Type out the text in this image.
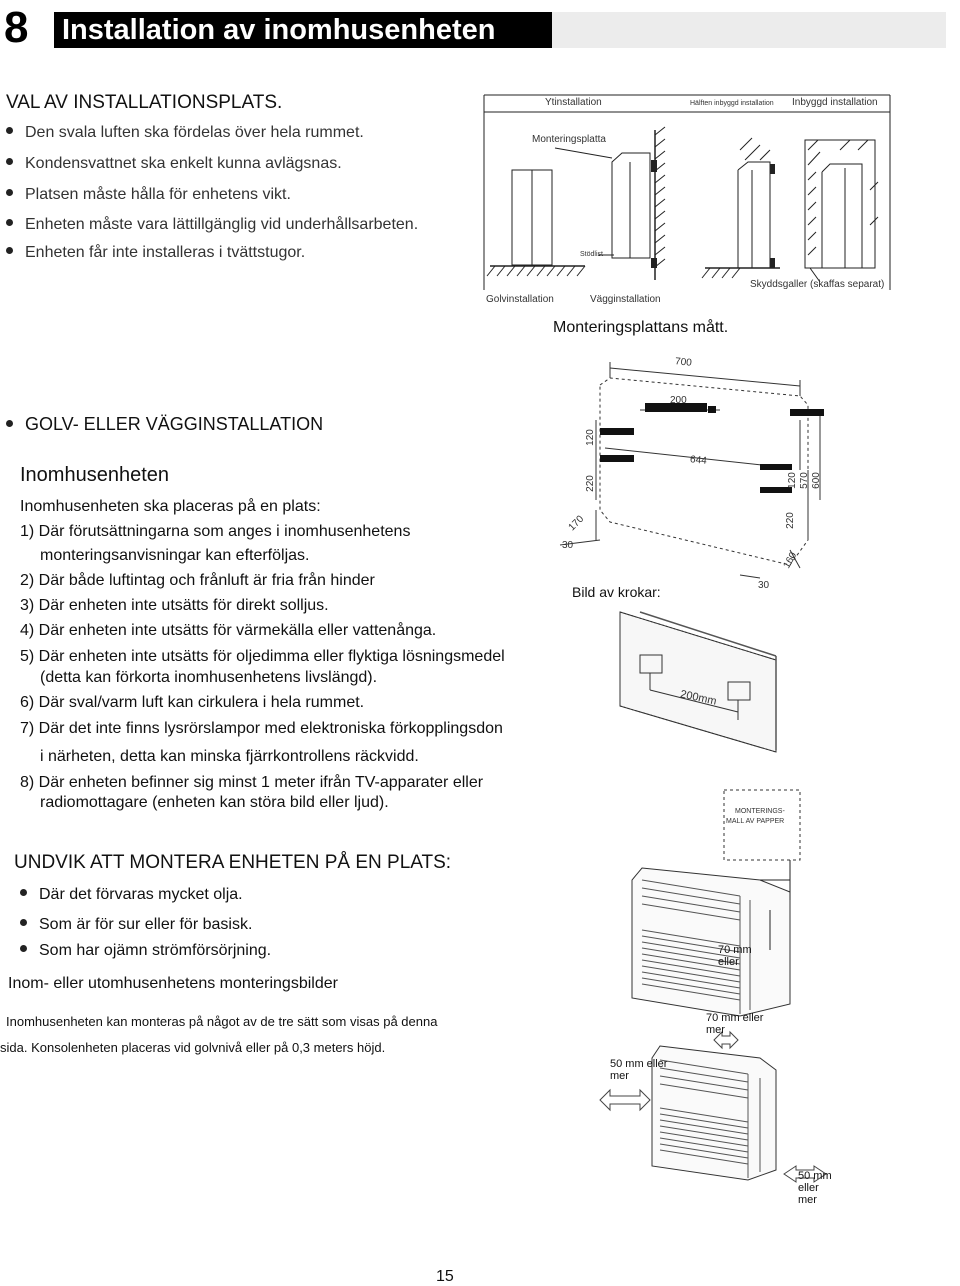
8	Installation av inomhusenheten
VAL AV INSTALLATIONSPLATS.
Den svala luften ska fördelas över hela rummet.
Kondensvattnet ska enkelt kunna avlägsnas.
Platsen måste hålla för enhetens vikt.
Enheten måste vara lättillgänglig vid underhållsarbeten.
Enheten får inte installeras i tvättstugor.
Ytinstallation	Hälften inbyggd installation Inbyggd installation
Monteringsplatta
Stödlist
Skyddsgaller (skaffas separat)
Golvinstallation	Vägginstallation
Monteringsplattans mått.
700
200
644
120
220
170
30
120 570 600
220
160
30
GOLV- ELLER VÄGGINSTALLATION
Inomhusenheten
Inomhusenheten ska placeras på en plats:
1) Där förutsättningarna som anges i inomhusenhetens
monteringsanvisningar kan efterföljas.
2) Där både luftintag och frånluft är fria från hinder
3) Där enheten inte utsätts för direkt solljus.
4) Där enheten inte utsätts för värmekälla eller vattenånga.
5) Där enheten inte utsätts för oljedimma eller flyktiga lösningsmedel
(detta kan förkorta inomhusenhetens livslängd).
6) Där sval/varm luft kan cirkulera i hela rummet.
7) Där det inte finns lysrörslampor med elektroniska förkopplingsdon
i närheten, detta kan minska fjärrkontrollens räckvidd.
8) Där enheten befinner sig minst 1 meter ifrån TV-apparater eller
radiomottagare (enheten kan störa bild eller ljud).
Bild av krokar:
200mm
MONTERINGS-
MALL AV PAPPER
UNDVIK ATT MONTERA ENHETEN PÅ EN PLATS:
Där det förvaras mycket olja.
Som är för sur eller för basisk.
Som har ojämn strömförsörjning.
Inom- eller utomhusenhetens monteringsbilder
Inomhusenheten kan monteras på något av de tre sätt som visas på denna
sida. Konsolenheten placeras vid golvnivå eller på 0,3 meters höjd.
70 mm
eller
70 mm eller
mer
50 mm eller
mer
50 mm
eller
mer
15
